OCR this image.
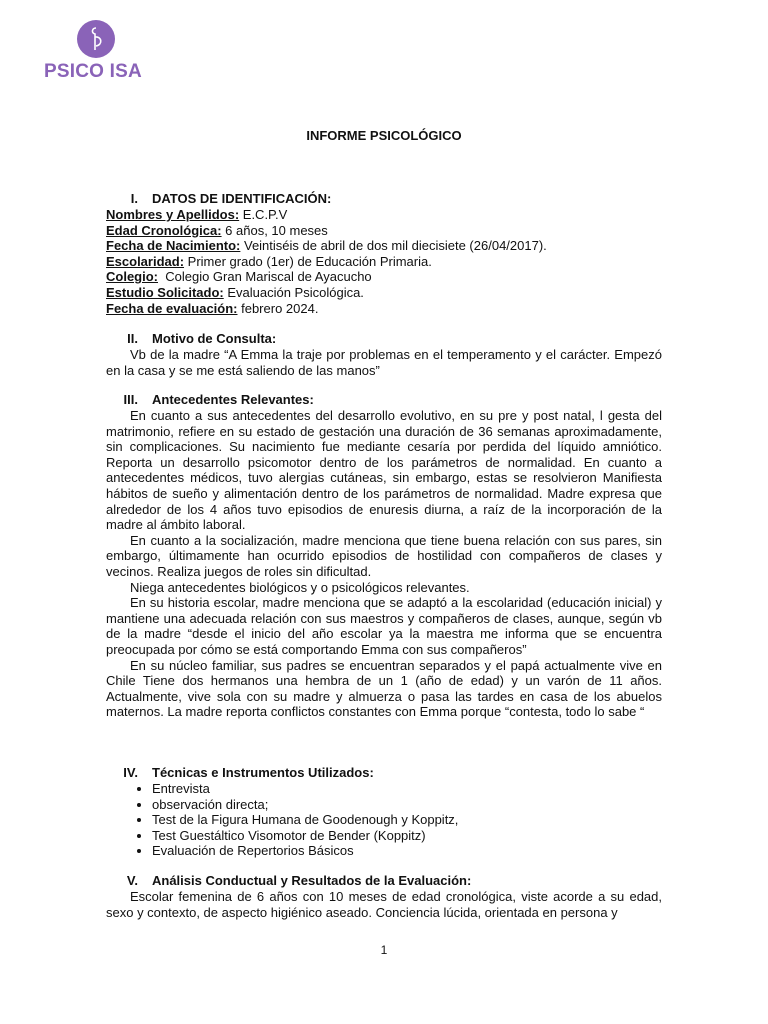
PSICO ISA
INFORME PSICOLÓGICO
I. DATOS DE IDENTIFICACIÓN:
Nombres y Apellidos: E.C.P.V
Edad Cronológica: 6 años, 10 meses
Fecha de Nacimiento: Veintiséis de abril de dos mil diecisiete (26/04/2017).
Escolaridad: Primer grado (1er) de Educación Primaria.
Colegio:  Colegio Gran Mariscal de Ayacucho
Estudio Solicitado: Evaluación Psicológica.
Fecha de evaluación: febrero 2024.
II. Motivo de Consulta:
Vb de la madre “A Emma la traje por problemas en el temperamento y el carácter. Empezó en la casa y se me está saliendo de las manos”
III. Antecedentes Relevantes:
En cuanto a sus antecedentes del desarrollo evolutivo, en su pre y post natal, l gesta del matrimonio, refiere en su estado de gestación una duración de 36 semanas aproximadamente, sin complicaciones. Su nacimiento fue mediante cesaría por perdida del líquido amniótico. Reporta un desarrollo psicomotor dentro de los parámetros de normalidad. En cuanto a antecedentes médicos, tuvo alergias cutáneas, sin embargo, estas se resolvieron Manifiesta hábitos de sueño y alimentación dentro de los parámetros de normalidad. Madre expresa que alrededor de los 4 años tuvo episodios de enuresis diurna, a raíz de la incorporación de la madre al ámbito laboral.
En cuanto a la socialización, madre menciona que tiene buena relación con sus pares, sin embargo, últimamente han ocurrido episodios de hostilidad con compañeros de clases y vecinos. Realiza juegos de roles sin dificultad.
Niega antecedentes biológicos y o psicológicos relevantes.
En su historia escolar, madre menciona que se adaptó a la escolaridad (educación inicial) y mantiene una adecuada relación con sus maestros y compañeros de clases, aunque, según vb de la madre “desde el inicio del año escolar ya la maestra me informa que se encuentra preocupada por cómo se está comportando Emma con sus compañeros”
En su núcleo familiar, sus padres se encuentran separados y el papá actualmente vive en Chile Tiene dos hermanos una hembra de un 1 (año de edad) y un varón de 11 años. Actualmente, vive sola con su madre y almuerza o pasa las tardes en casa de los abuelos maternos. La madre reporta conflictos constantes con Emma porque “contesta, todo lo sabe “
IV. Técnicas e Instrumentos Utilizados:
• Entrevista
• observación directa;
• Test de la Figura Humana de Goodenough y Koppitz,
• Test Guestáltico Visomotor de Bender (Koppitz)
• Evaluación de Repertorios Básicos
V. Análisis Conductual y Resultados de la Evaluación:
Escolar femenina de 6 años con 10 meses de edad cronológica, viste acorde a su edad, sexo y contexto, de aspecto higiénico aseado. Conciencia lúcida, orientada en persona y
1
